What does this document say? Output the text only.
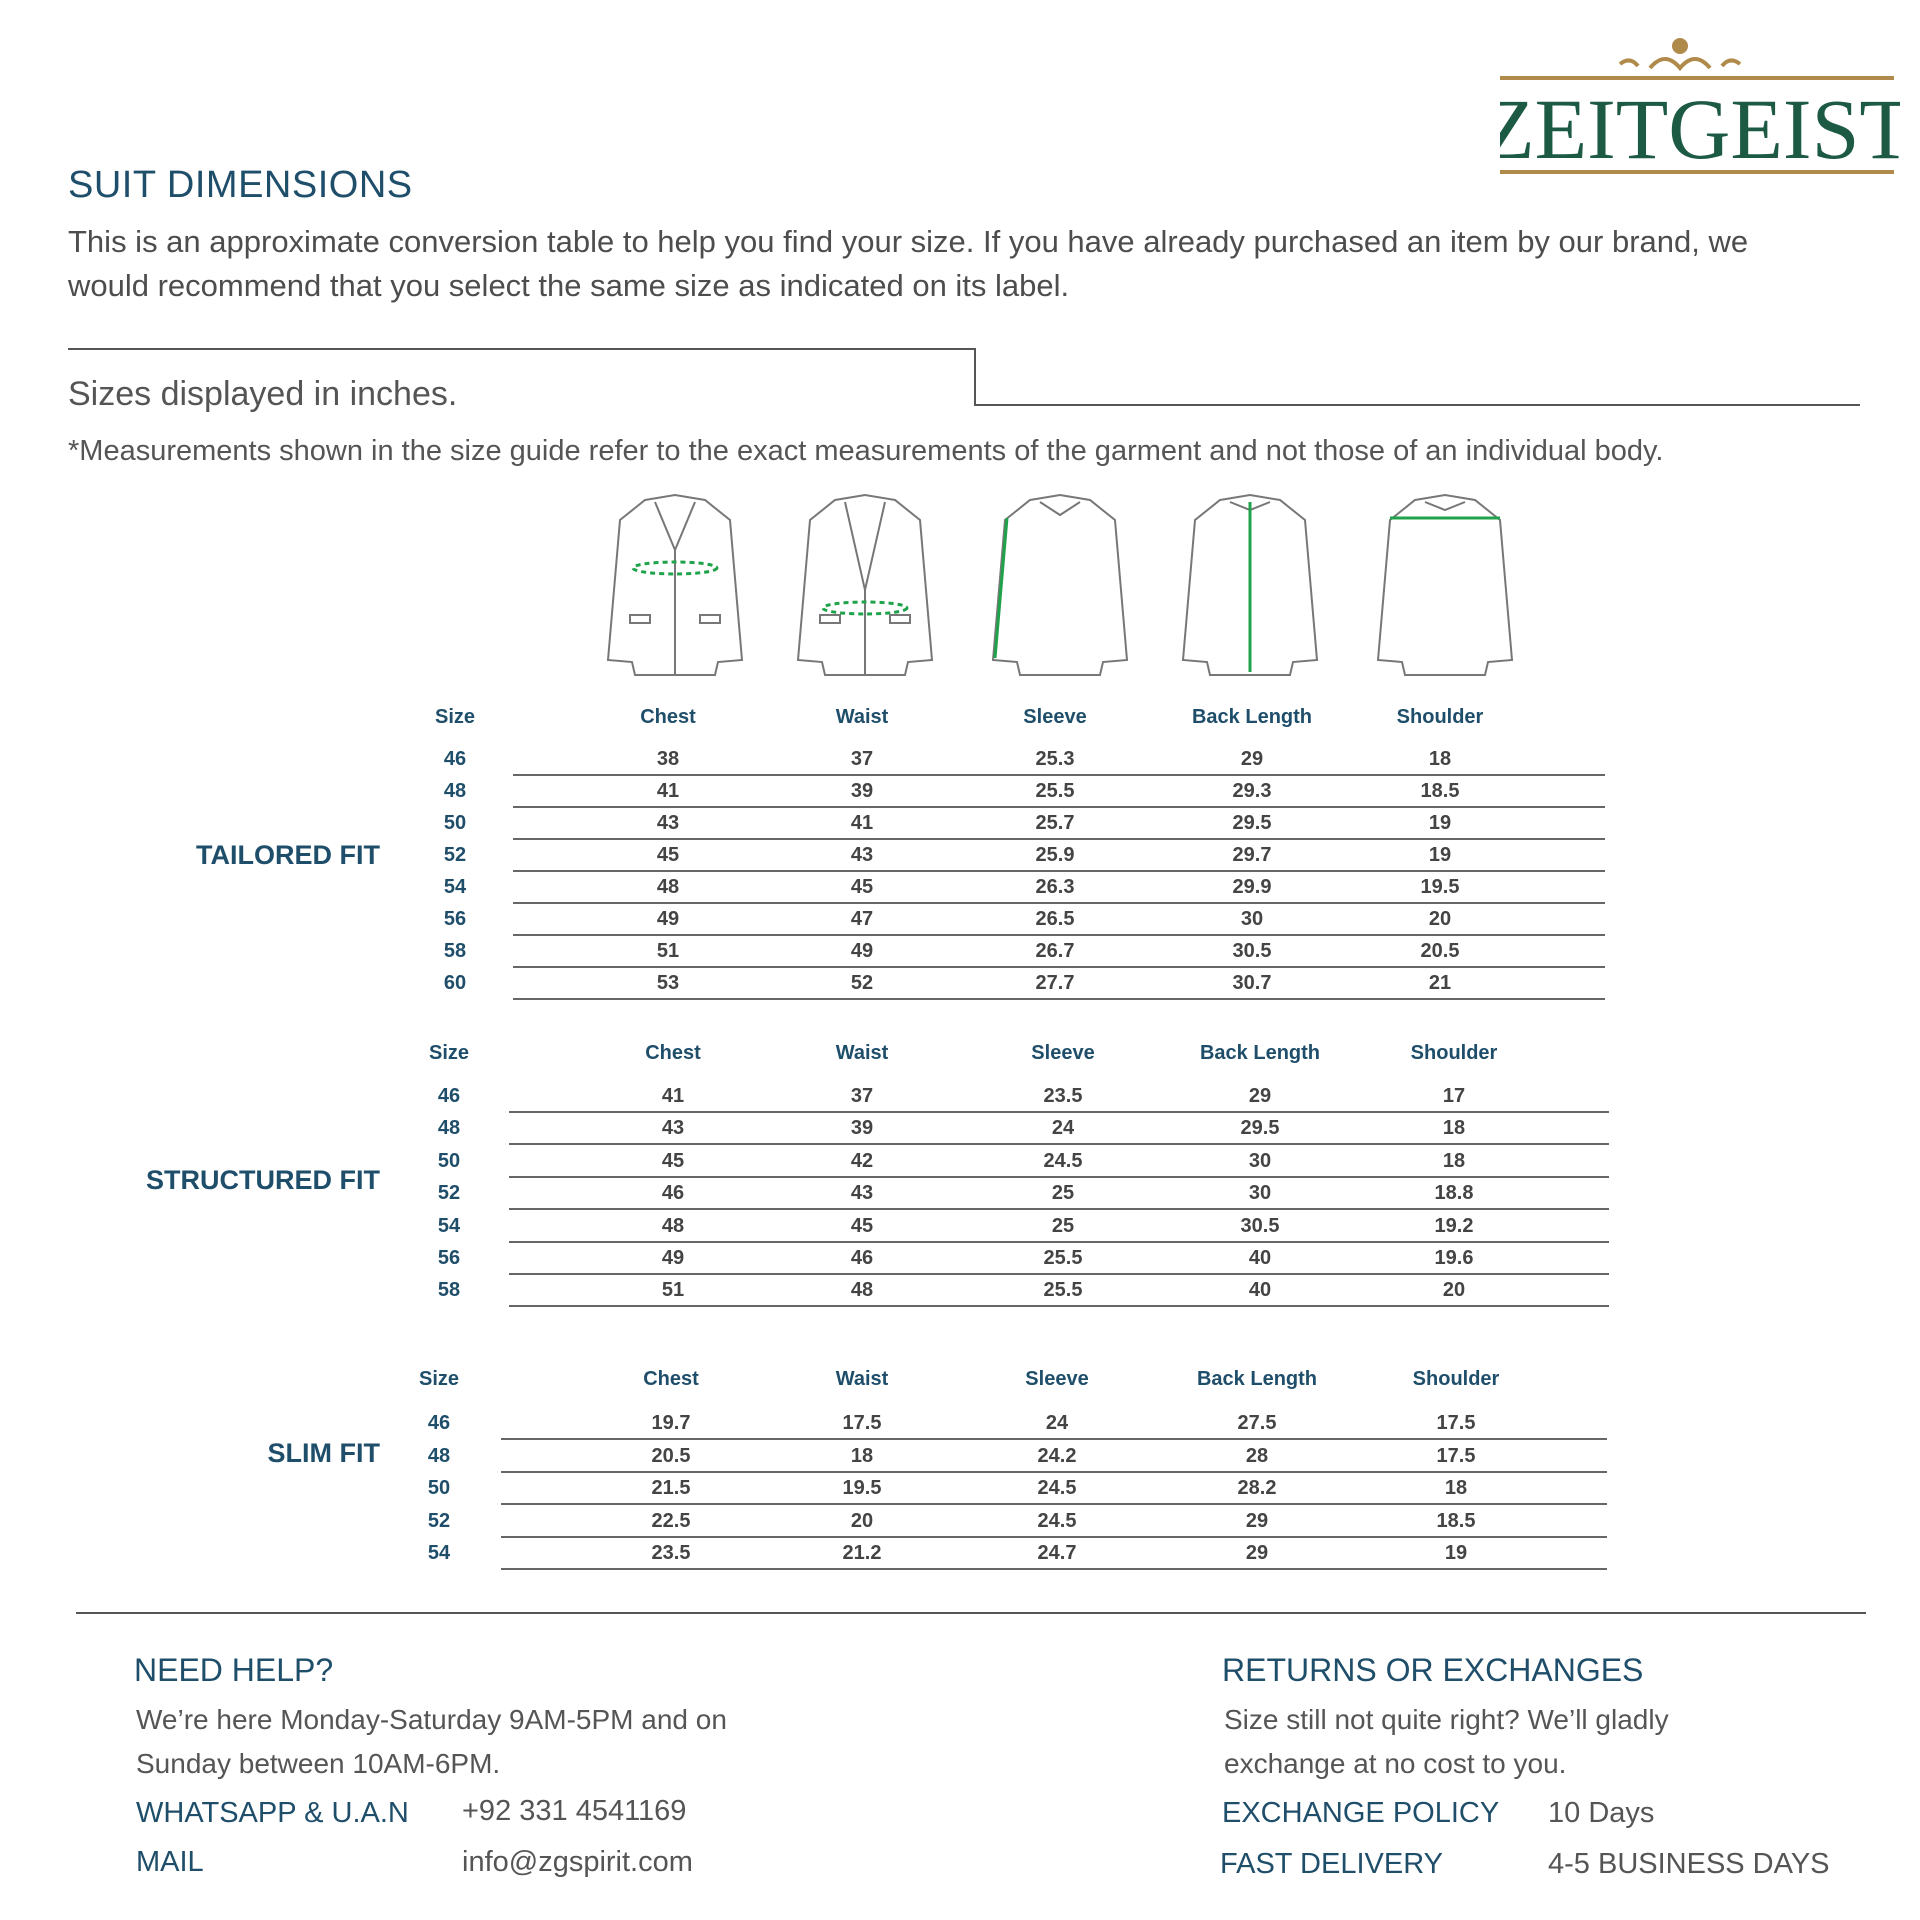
ZEITGEIST
SUIT DIMENSIONS
This is an approximate conversion table to help you find your size. If you have already purchased an item by our brand, we would recommend that you select the same size as indicated on its label.
Sizes displayed in inches.
*Measurements shown in the size guide refer to the exact measurements of the garment and not those of an individual body.
TAILORED FIT
Size	Chest	Waist	Sleeve	Back Length	Shoulder
46	38	37	25.3	29	18
48	41	39	25.5	29.3	18.5
50	43	41	25.7	29.5	19
52	45	43	25.9	29.7	19
54	48	45	26.3	29.9	19.5
56	49	47	26.5	30	20
58	51	49	26.7	30.5	20.5
60	53	52	27.7	30.7	21
STRUCTURED FIT
Size	Chest	Waist	Sleeve	Back Length	Shoulder
46	41	37	23.5	29	17
48	43	39	24	29.5	18
50	45	42	24.5	30	18
52	46	43	25	30	18.8
54	48	45	25	30.5	19.2
56	49	46	25.5	40	19.6
58	51	48	25.5	40	20
SLIM FIT
Size	Chest	Waist	Sleeve	Back Length	Shoulder
46	19.7	17.5	24	27.5	17.5
48	20.5	18	24.2	28	17.5
50	21.5	19.5	24.5	28.2	18
52	22.5	20	24.5	29	18.5
54	23.5	21.2	24.7	29	19
NEED HELP?
We’re here Monday-Saturday 9AM-5PM and on
Sunday between 10AM-6PM.
WHATSAPP & U.A.N +92 331 4541169
MAIL	info@zgspirit.com
RETURNS OR EXCHANGES
Size still not quite right? We’ll gladly
exchange at no cost to you.
EXCHANGE POLICY 10 Days
FAST DELIVERY	4-5 BUSINESS DAYS
